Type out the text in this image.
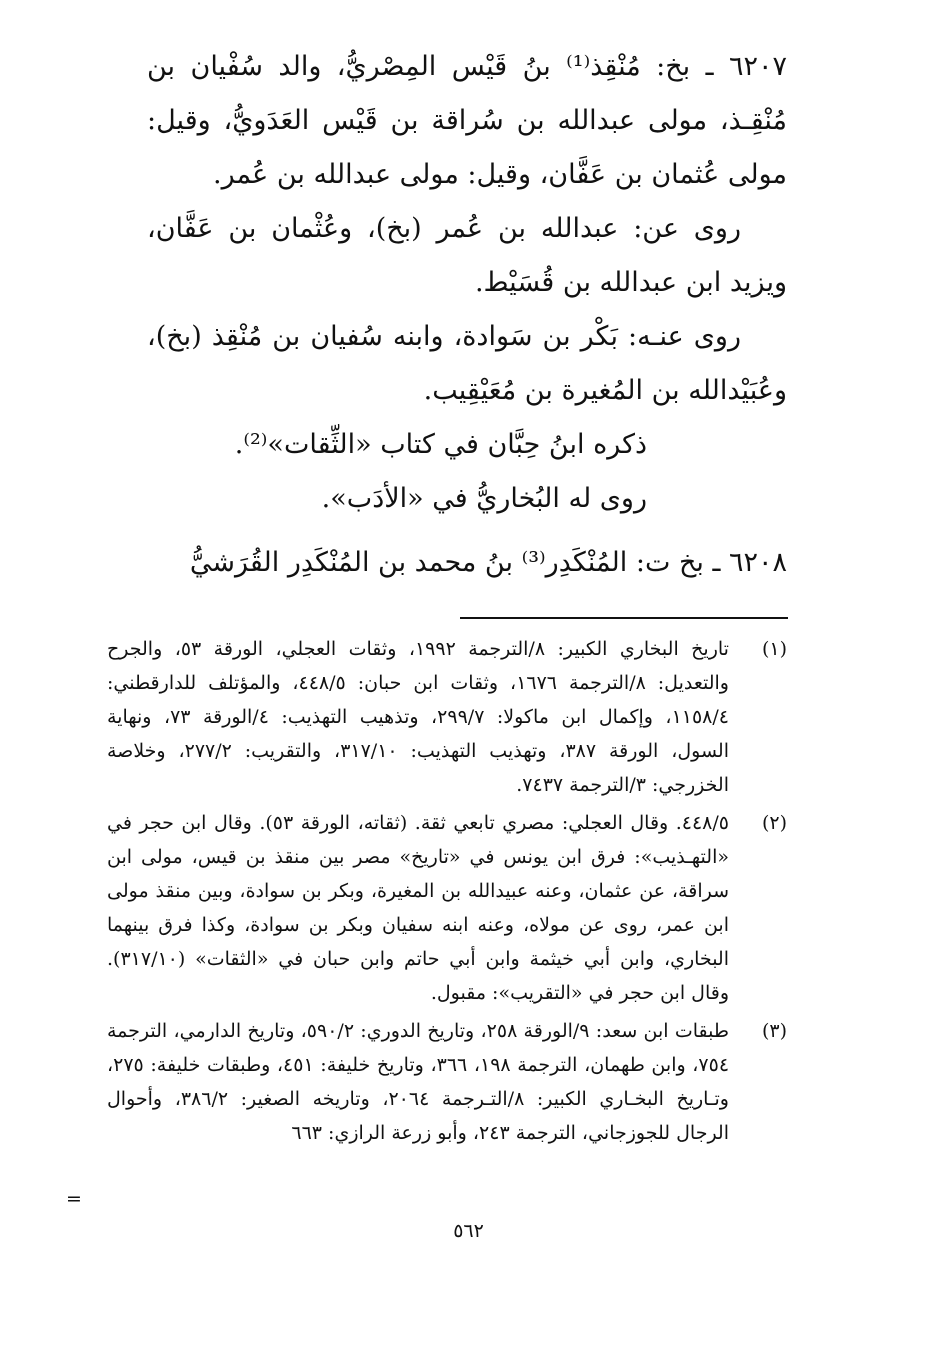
٦٢٠٧ ـ بخ: مُنْقِذ⁽¹⁾ بنُ قَيْس المِصْريُّ، والد سُفْيان بن مُنْقِـذ، مولى عبدالله بن سُراقة بن قَيْس العَدَويُّ، وقيل: مولى عُثمان بن عَفَّان، وقيل: مولى عبدالله بن عُمر.

روى عن: عبدالله بن عُمر (بخ)، وعُثْمان بن عَفَّان، ويزيد ابن عبدالله بن قُسَيْط.

روى عنـه: بَكْر بن سَوادة، وابنه سُفيان بن مُنْقِذ (بخ)، وعُبَيْدالله بن المُغيرة بن مُعَيْقِيب.

ذكره ابنُ حِبَّان في كتاب «الثِّقات»⁽²⁾.

روى له البُخاريُّ في «الأدَب».

٦٢٠٨ ـ بخ ت: المُنْكَدِر⁽³⁾ بنُ محمد بن المُنْكَدِر القُرَشيُّ

(١)
تاريخ البخاري الكبير: ٨/الترجمة ١٩٩٢، وثقات العجلي، الورقة ٥٣، والجرح والتعديل: ٨/الترجمة ١٦٧٦، وثقات ابن حبان: ٤٤٨/٥، والمؤتلف للدارقطني: ١١٥٨/٤، وإكمال ابن ماكولا: ٢٩٩/٧، وتذهيب التهذيب: ٤/الورقة ٧٣، ونهاية السول، الورقة ٣٨٧، وتهذيب التهذيب: ٣١٧/١٠، والتقريب: ٢٧٧/٢، وخلاصة الخزرجي: ٣/الترجمة ٧٤٣٧.
(٢)
٤٤٨/٥. وقال العجلي: مصري تابعي ثقة. (ثقاته، الورقة ٥٣). وقال ابن حجر في «التهـذيب»: فرق ابن يونس في «تاريخ» مصر بين منقذ بن قيس، مولى ابن سراقة، عن عثمان، وعنه عبيدالله بن المغيرة، وبكر بن سوادة، وبين منقذ مولى ابن عمر، روى عن مولاه، وعنه ابنه سفيان وبكر بن سوادة، وكذا فرق بينهما البخاري، وابن أبي خيثمة وابن أبي حاتم وابن حبان في «الثقات» (٣١٧/١٠). وقال ابن حجر في «التقريب»: مقبول.
(٣)
طبقات ابن سعد: ٩/الورقة ٢٥٨، وتاريخ الدوري: ٥٩٠/٢، وتاريخ الدارمي، الترجمة ٧٥٤، وابن طهمان، الترجمة ١٩٨، ٣٦٦، وتاريخ خليفة: ٤٥١، وطبقات خليفة: ٢٧٥، وتـاريخ البخـاري الكبير: ٨/التـرجمة ٢٠٦٤، وتاريخه الصغير: ٣٨٦/٢، وأحوال الرجال للجوزجاني، الترجمة ٢٤٣، وأبو زرعة الرازي: ٦٦٣
=
٥٦٢
